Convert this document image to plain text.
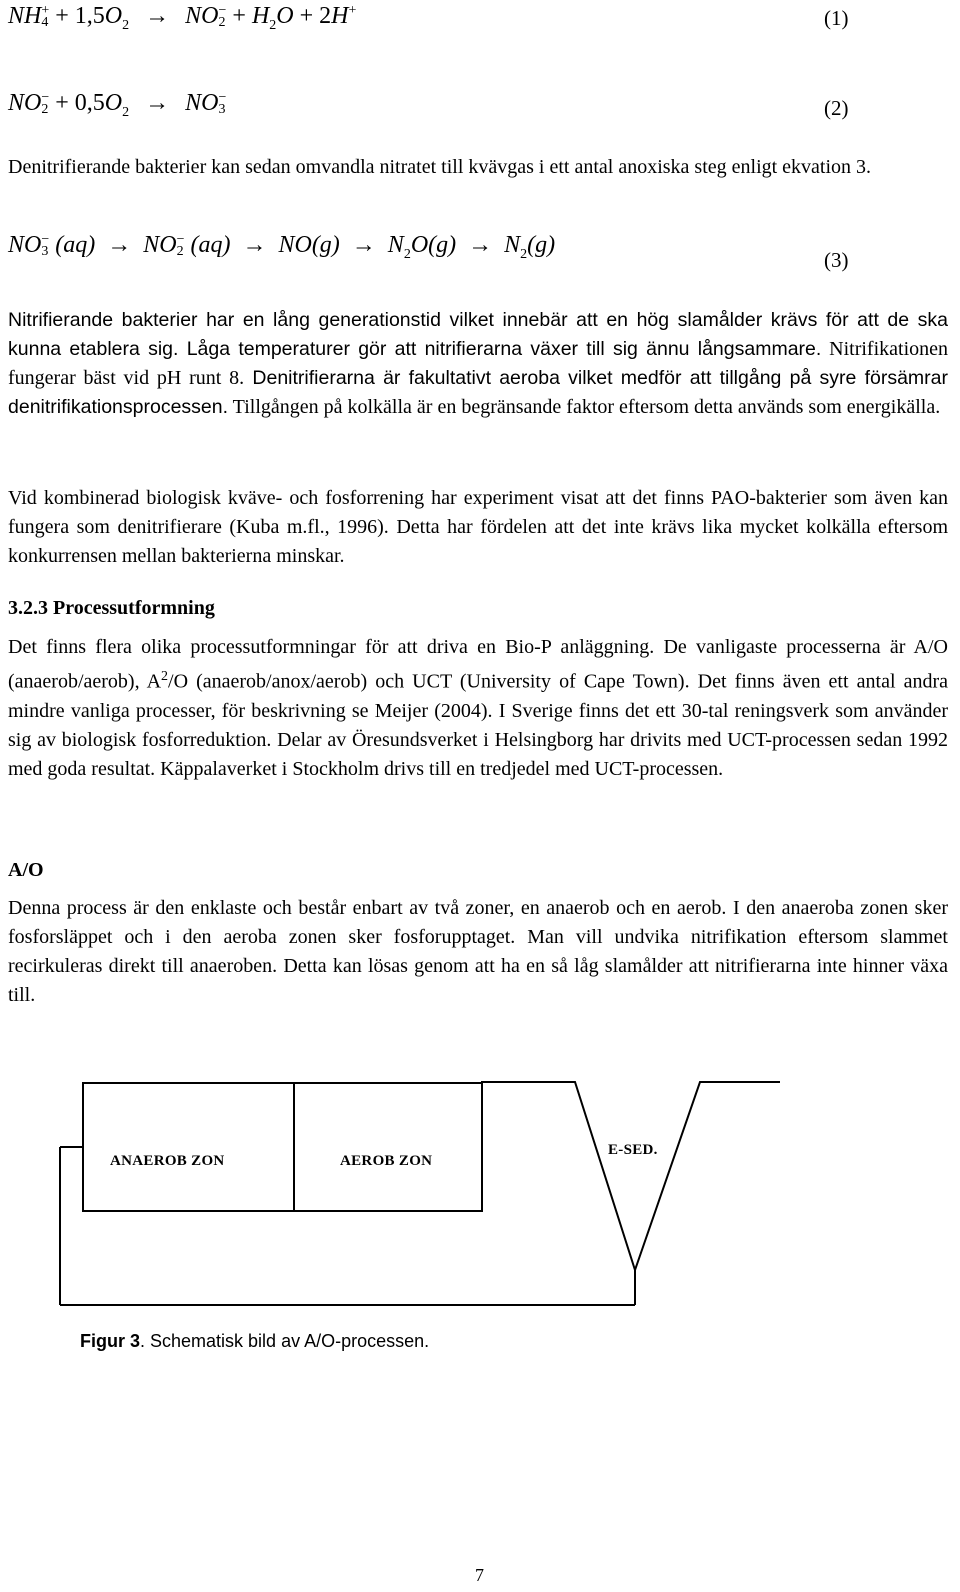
NH +
$4 + 1,5O_2$ → NO −
$2 + H_2O + 2H^+$	(1)
NO −
$2 + 0,5O_2$ → NO −
3	(2)

Denitrifierande bakterier kan sedan omvandla nitratet till kvävgas i ett antal anoxiska steg enligt ekvation 3.

NO −
3 (aq) → NO −
2 $(aq) \to NO(g) \to N_2O(g) \to N_2(g)$
(3)

Nitrifierande bakterier har en lång generationstid vilket innebär att en hög slamålder krävs för att de ska kunna etablera sig. Låga temperaturer gör att nitrifierarna växer till sig ännu långsammare. Nitrifikationen fungerar bäst vid pH runt 8. Denitrifierarna är fakultativt aeroba vilket medför att tillgång på syre försämrar denitrifikationsprocessen. Tillgången på kolkälla är en begränsande faktor eftersom detta används som energikälla.

Vid kombinerad biologisk kväve- och fosforrening har experiment visat att det finns PAO-bakterier som även kan fungera som denitrifierare (Kuba m.fl., 1996). Detta har fördelen att det inte krävs lika mycket kolkälla eftersom konkurrensen mellan bakterierna minskar.

3.2.3 Processutformning

Det finns flera olika processutformningar för att driva en Bio-P anläggning. De vanligaste processerna är A/O (anaerob/aerob), $A^2/O$ (anaerob/anox/aerob) och UCT (University of Cape Town). Det finns även ett antal andra mindre vanliga processer, för beskrivning se Meijer (2004). I Sverige finns det ett 30-tal reningsverk som använder sig av biologisk fosforreduktion. Delar av Öresundsverket i Helsingborg har drivits med UCT-processen sedan 1992 med goda resultat. Käppalaverket i Stockholm drivs till en tredjedel med UCT-processen.

A/O

Denna process är den enklaste och består enbart av två zoner, en anaerob och en aerob. I den anaeroba zonen sker fosforsläppet och i den aeroba zonen sker fosforupptaget. Man vill undvika nitrifikation eftersom slammet recirkuleras direkt till anaeroben. Detta kan lösas genom att ha en så låg slamålder att nitrifierarna inte hinner växa till.

ANAEROB ZON	AEROB ZON
E-SED.
Figur 3. Schematisk bild av A/O-processen.
7
